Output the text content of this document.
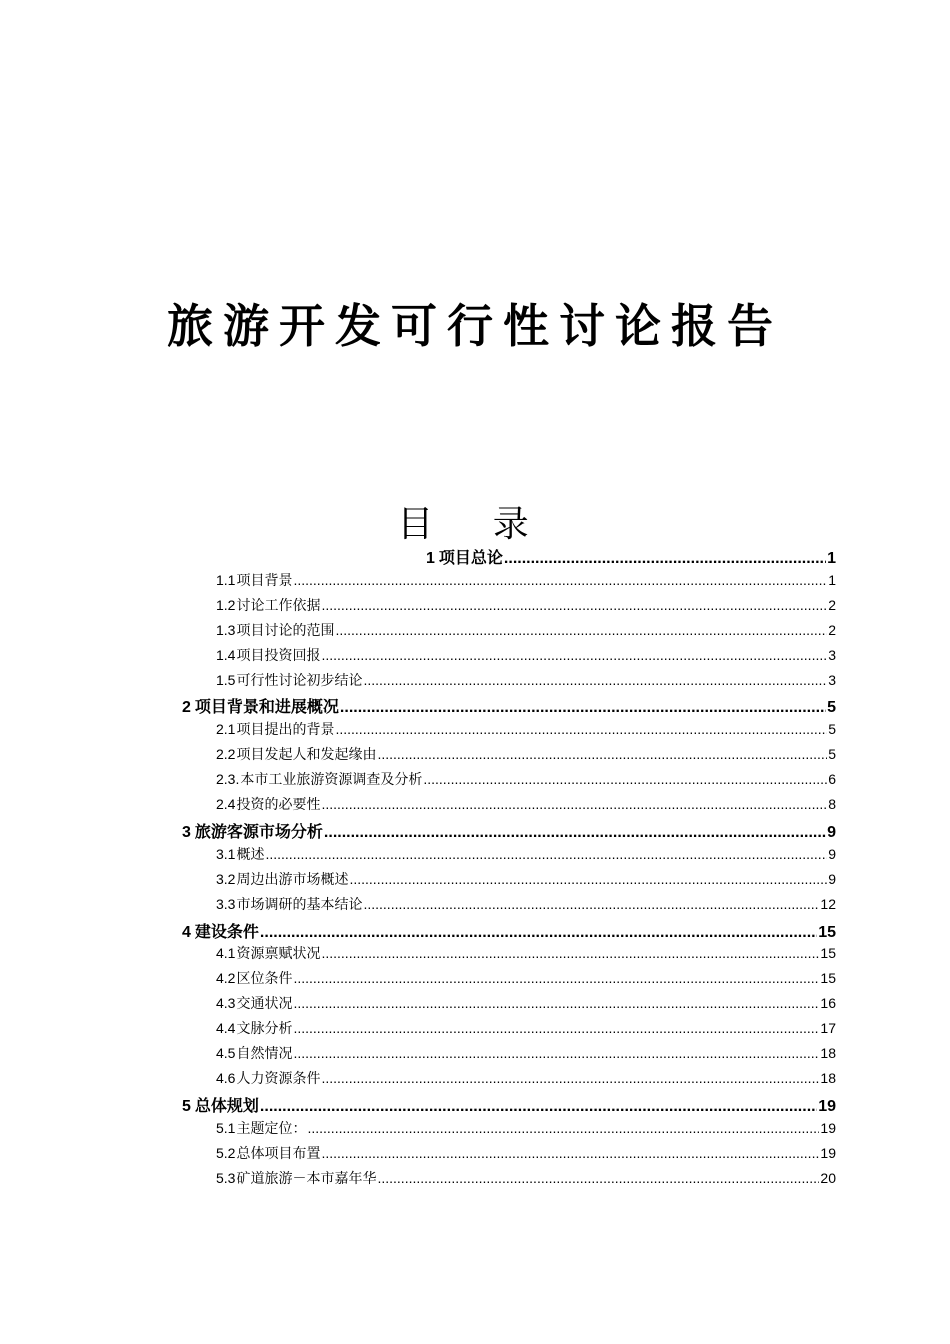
旅游开发可行性讨论报告
目 录
1 项目总论 .....	1
1.1 项目背景 .....	1
1.2 讨论工作依据 .....	2
1.3 项目讨论的范围 .....	2
1.4 项目投资回报 .....	3
1.5 可行性讨论初步结论 .....	3
2 项目背景和进展概况 .....	5
2.1 项目提出的背景 .....	5
2.2 项目发起人和发起缘由 .....	5
2.3. 本市工业旅游资源调查及分析 .....	6
2.4 投资的必要性 .....	8
3 旅游客源市场分析 .....	9
3.1 概述 .....	9
3.2 周边出游市场概述 .....	9
3.3 市场调研的基本结论 .....	12
4 建设条件 .....	15
4.1 资源禀赋状况 .....	15
4.2 区位条件 .....	15
4.3 交通状况 .....	16
4.4 文脉分析 .....	17
4.5 自然情况 .....	18
4.6 人力资源条件 .....	18
5 总体规划 .....	19
5.1 主题定位： .....	19
5.2 总体项目布置 .....	19
5.3 矿道旅游－本市嘉年华 .....	20
